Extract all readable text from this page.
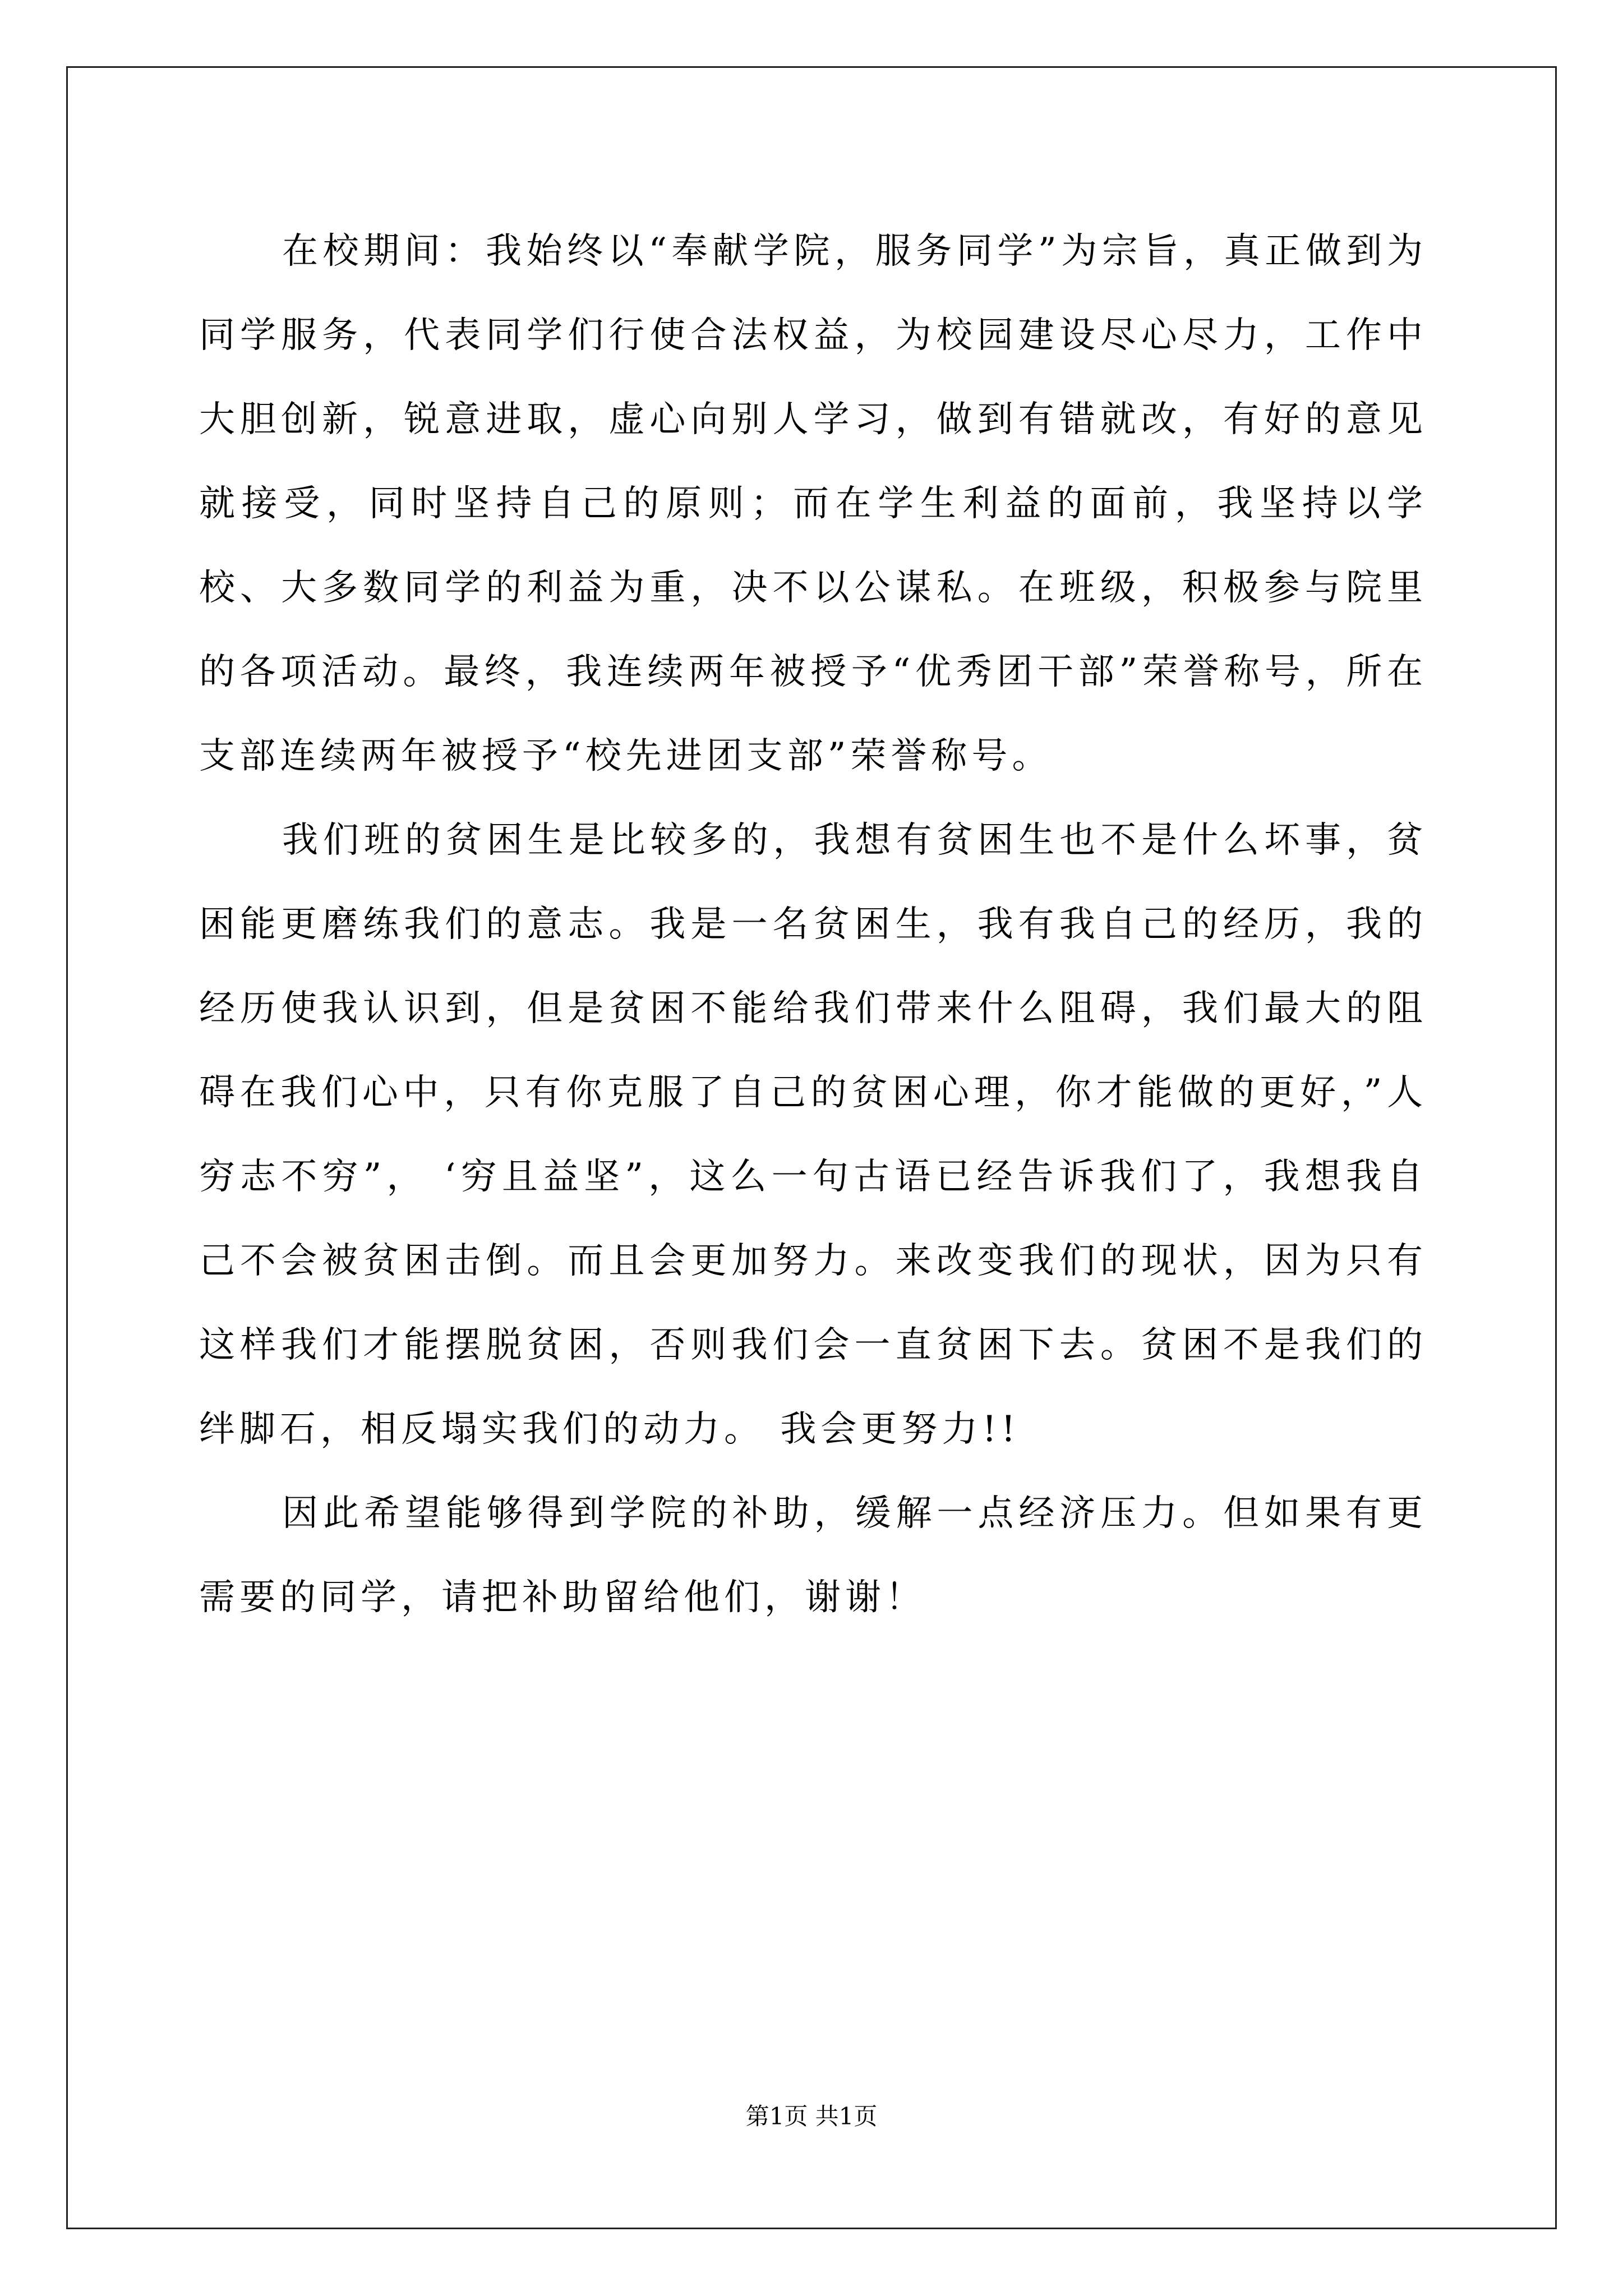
在校期间：我始终以“奉献学院，服务同学”为宗旨，真正做到为同学服务，代表同学们行使合法权益，为校园建设尽心尽力，工作中大胆创新，锐意进取，虚心向别人学习，做到有错就改，有好的意见就接受，同时坚持自己的原则；而在学生利益的面前，我坚持以学校、大多数同学的利益为重，决不以公谋私。在班级，积极参与院里的各项活动。最终，我连续两年被授予“优秀团干部”荣誉称号，所在支部连续两年被授予“校先进团支部”荣誉称号。

我们班的贫困生是比较多的，我想有贫困生也不是什么坏事，贫困能更磨练我们的意志。我是一名贫困生，我有我自己的经历，我的经历使我认识到，但是贫困不能给我们带来什么阻碍，我们最大的阻碍在我们心中，只有你克服了自己的贫困心理，你才能做的更好，”人穷志不穷”， ‘穷且益坚”，这么一句古语已经告诉我们了，我想我自己不会被贫困击倒。而且会更加努力。来改变我们的现状，因为只有这样我们才能摆脱贫困，否则我们会一直贫困下去。贫困不是我们的绊脚石，相反塌实我们的动力。 我会更努力!!

因此希望能够得到学院的补助，缓解一点经济压力。但如果有更需要的同学，请把补助留给他们，谢谢！

第1页 共1页
